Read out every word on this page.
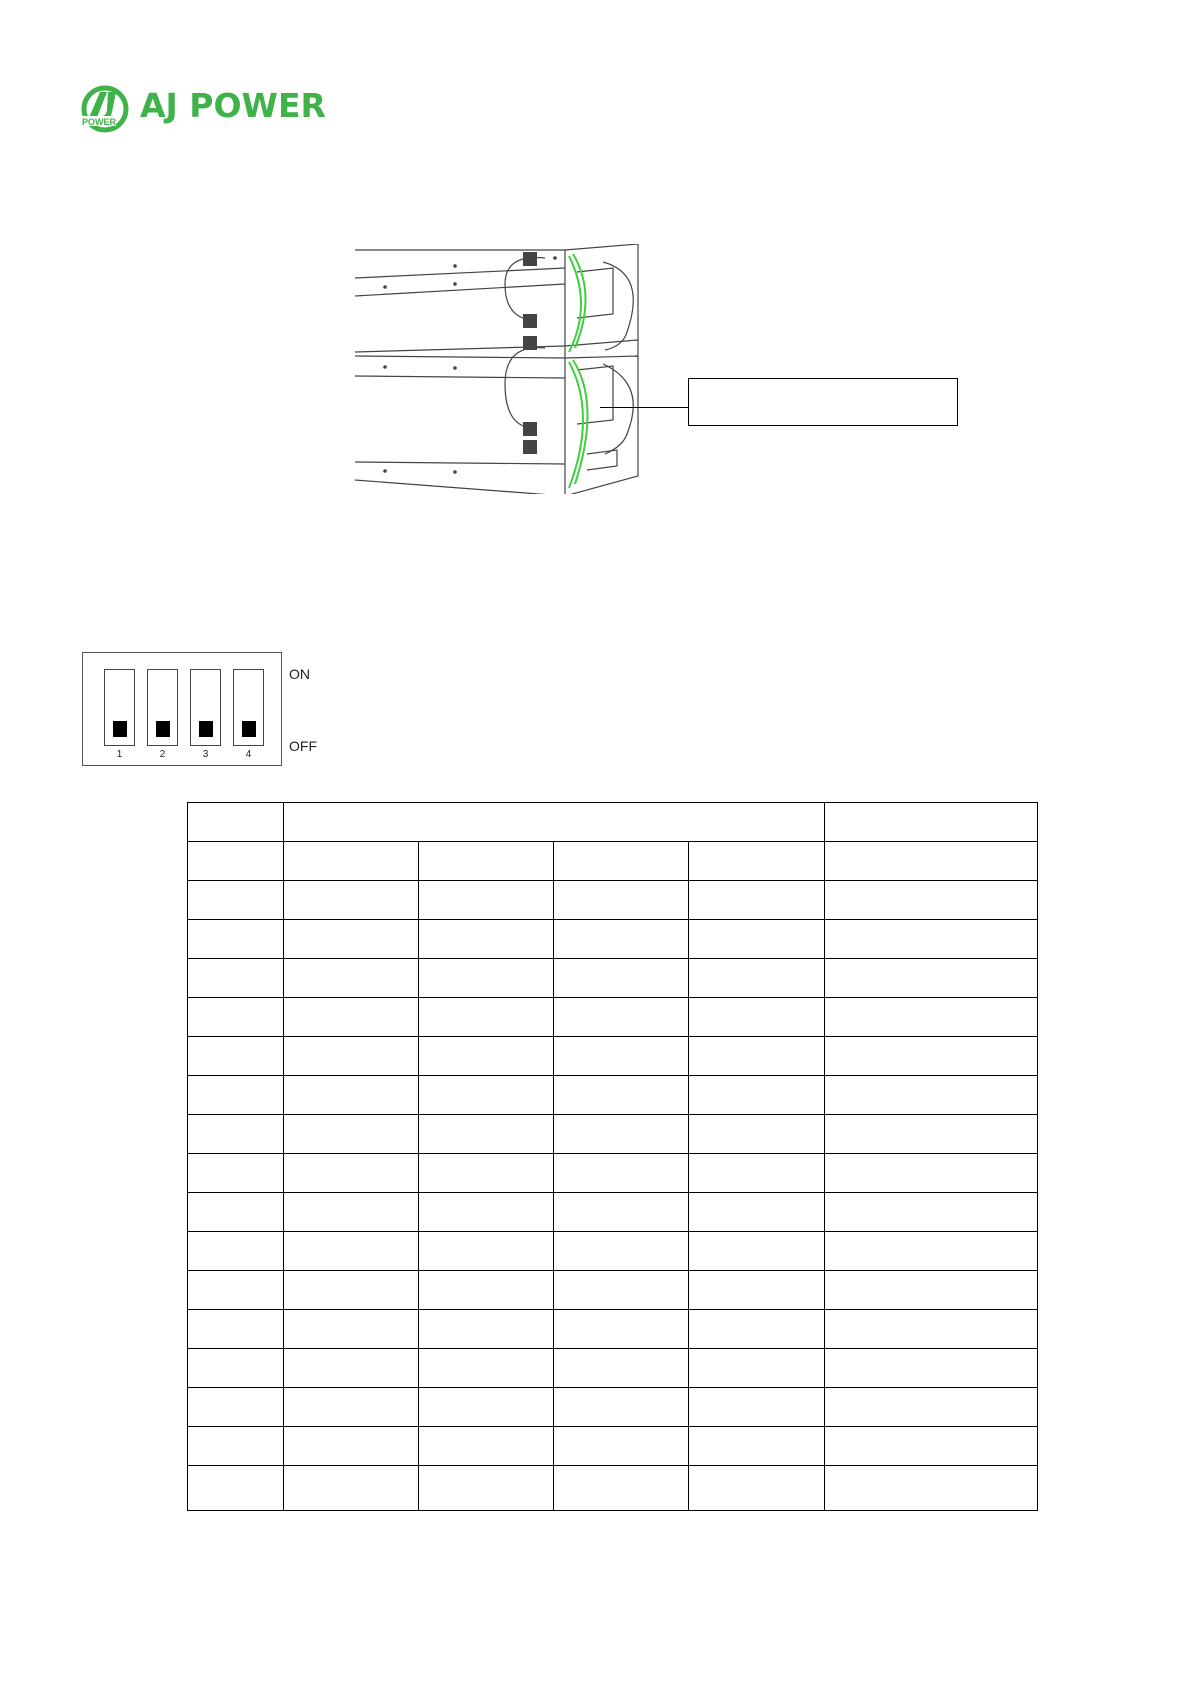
POWER AJ POWER
1	2	3	4
ON
OFF
